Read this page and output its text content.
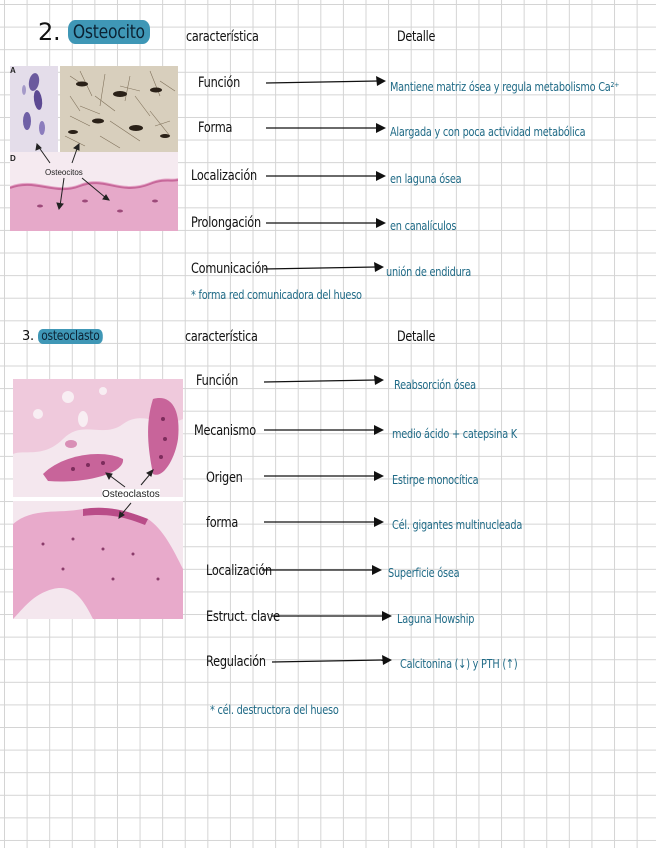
2. Osteocito	característica	Detalle
A
D
Osteocitos
Función	Mantiene matriz ósea y regula metabolismo Ca²⁺
Forma	Alargada y con poca actividad metabólica
Localización	en laguna ósea
Prolongación	en canalículos
Comunicación	unión de endidura
* forma red comunicadora del hueso
3. osteoclasto	característica	Detalle
Osteoclastos
Función	Reabsorción ósea
Mecanismo	medio ácido + catepsina K
Origen	Estirpe monocítica
forma	Cél. gigantes multinucleada
Localización	Superficie ósea
Estruct. clave	Laguna Howship
Regulación	Calcitonina (↓) y PTH (↑)
* cél. destructora del hueso
